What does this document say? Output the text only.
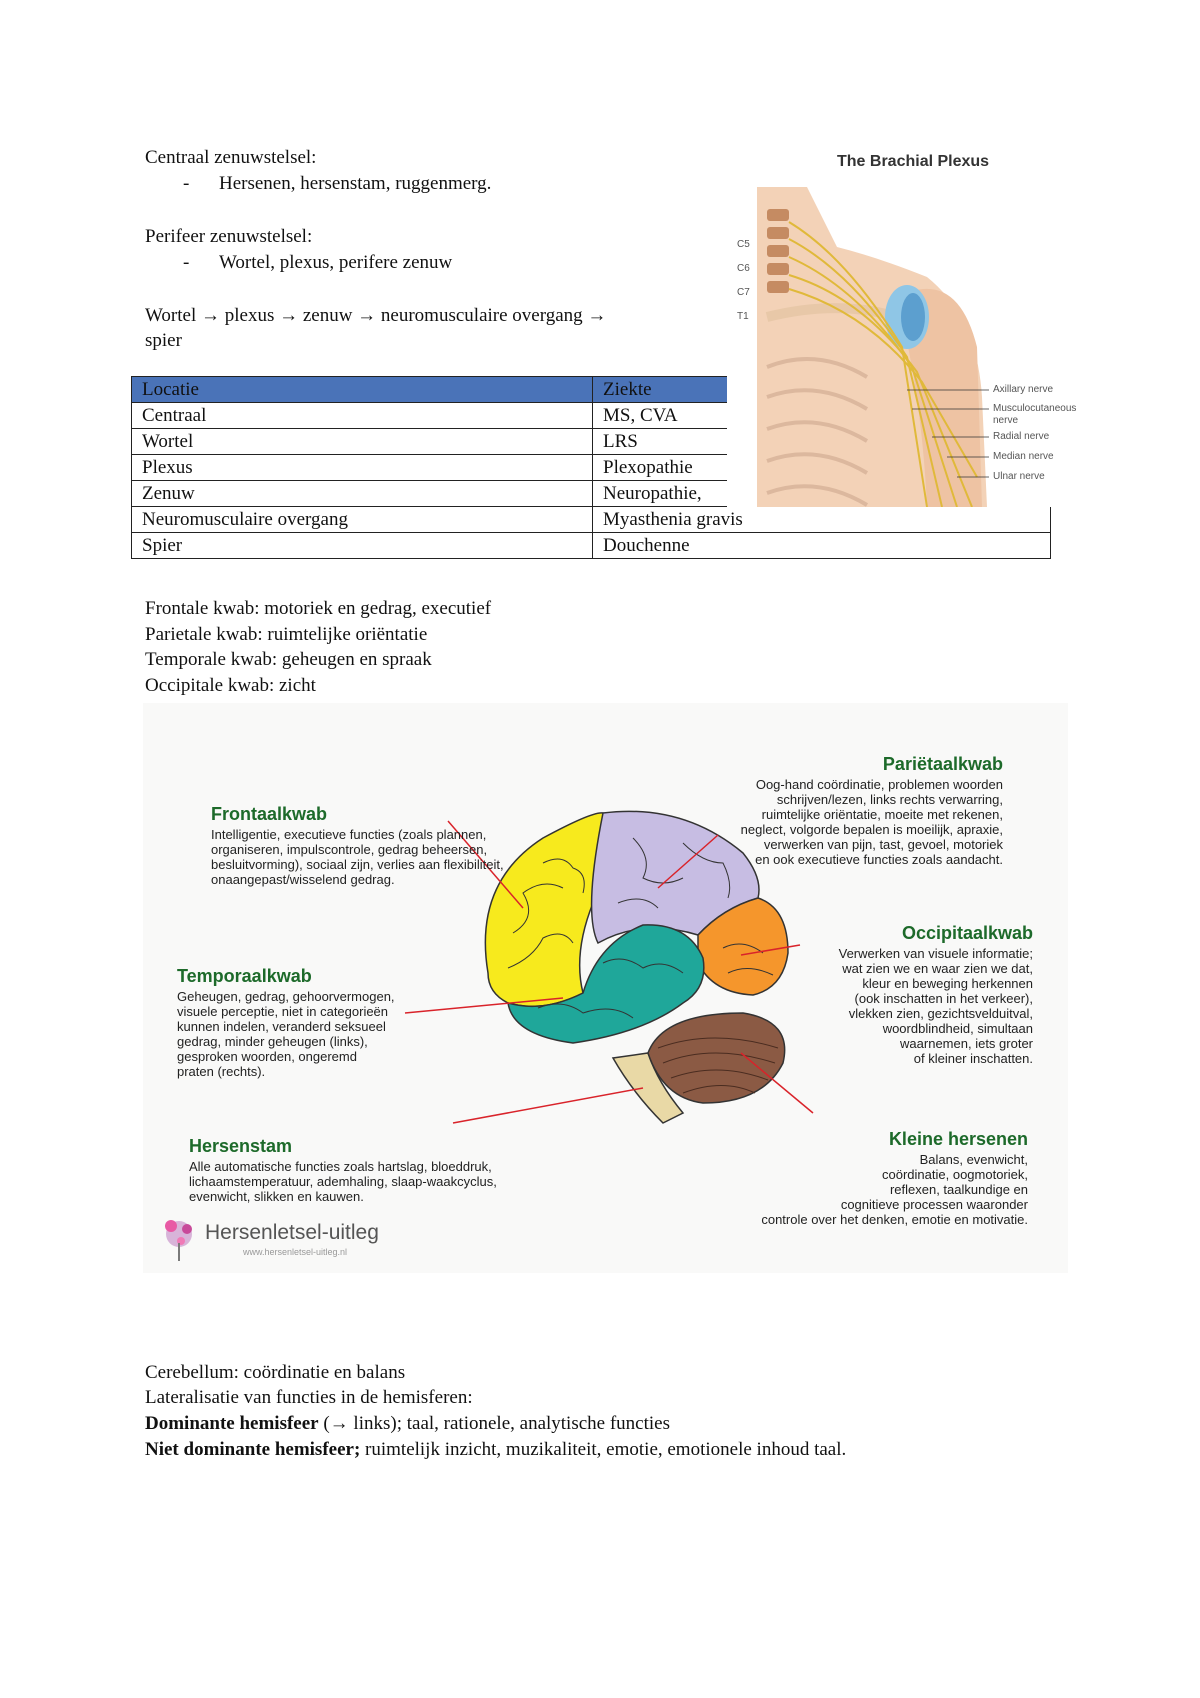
Centraal zenuwstelsel:
- Hersenen, hersenstam, ruggenmerg.
Perifeer zenuwstelsel:
- Wortel, plexus, perifere zenuw
Wortel → plexus → zenuw → neuromusculaire overgang →
spier
Locatie	Ziekte
Centraal	MS, CVA
Wortel	LRS
Plexus	Plexopathie
Zenuw	Neuropathie,
Neuromusculaire overgang	Myasthenia gravis
Spier	Douchenne
The Brachial Plexus
C5
C6
C7
T1
Axillary nerve
Musculocutaneous nerve
Radial nerve
Median nerve
Ulnar nerve
Frontale kwab: motoriek en gedrag, executief
Parietale kwab: ruimtelijke oriëntatie
Temporale kwab: geheugen en spraak
Occipitale kwab: zicht
Frontaalkwab
Intelligentie, executieve functies (zoals plannen,
organiseren, impulscontrole, gedrag beheersen,
besluitvorming), sociaal zijn, verlies aan flexibiliteit,
onaangepast/wisselend gedrag.
Pariëtaalkwab
Oog-hand coördinatie, problemen woorden
schrijven/lezen, links rechts verwarring,
ruimtelijke oriëntatie, moeite met rekenen,
neglect, volgorde bepalen is moeilijk, apraxie,
verwerken van pijn, tast, gevoel, motoriek
en ook executieve functies zoals aandacht.
Occipitaalkwab
Verwerken van visuele informatie;
wat zien we en waar zien we dat,
kleur en beweging herkennen
(ook inschatten in het verkeer),
vlekken zien, gezichtsvelduitval,
woordblindheid, simultaan
waarnemen, iets groter
of kleiner inschatten.
Temporaalkwab
Geheugen, gedrag, gehoorvermogen,
visuele perceptie, niet in categorieën
kunnen indelen, veranderd seksueel
gedrag, minder geheugen (links),
gesproken woorden, ongeremd
praten (rechts).
Hersenstam
Alle automatische functies zoals hartslag, bloeddruk,
lichaamstemperatuur, ademhaling, slaap-waakcyclus,
evenwicht, slikken en kauwen.
Kleine hersenen
Balans, evenwicht,
coördinatie, oogmotoriek,
reflexen, taalkundige en
cognitieve processen waaronder
controle over het denken, emotie en motivatie.
Hersenletsel-uitleg
www.hersenletsel-uitleg.nl
Cerebellum: coördinatie en balans
Lateralisatie van functies in de hemisferen:
Dominante hemisfeer (→ links); taal, rationele, analytische functies
Niet dominante hemisfeer; ruimtelijk inzicht, muzikaliteit, emotie, emotionele inhoud taal.
